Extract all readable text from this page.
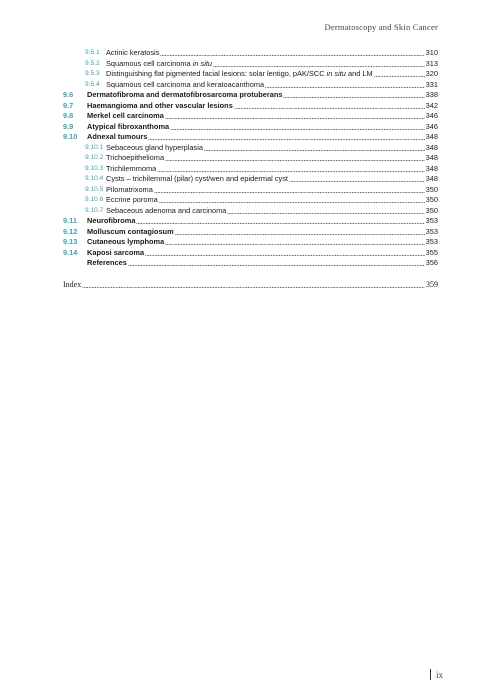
Dermatoscopy and Skin Cancer
9.5.1 Actinic keratosis	310
9.5.2 Squamous cell carcinoma in situ	313
9.5.3 Distinguishing flat pigmented facial lesions: solar lentigo, pAK/SCC in situ and LM	320
9.5.4 Squamous cell carcinoma and keratoacanthoma	331
9.6 Dermatofibroma and dermatofibrosarcoma protuberans	338
9.7 Haemangioma and other vascular lesions	342
9.8 Merkel cell carcinoma	346
9.9 Atypical fibroxanthoma	346
9.10 Adnexal tumours	348
9.10.1 Sebaceous gland hyperplasia	348
9.10.2 Trichoepithelioma	348
9.10.3 Trichilemmoma	348
9.10.4 Cysts – trichilemmal (pilar) cyst/wen and epidermal cyst	348
9.10.5 Pilomatrixoma	350
9.10.6 Eccrine poroma	350
9.10.7 Sebaceous adenoma and carcinoma	350
9.11 Neurofibroma	353
9.12 Molluscum contagiosum	353
9.13 Cutaneous lymphoma	353
9.14 Kaposi sarcoma	355
References	356
Index	359
ix
